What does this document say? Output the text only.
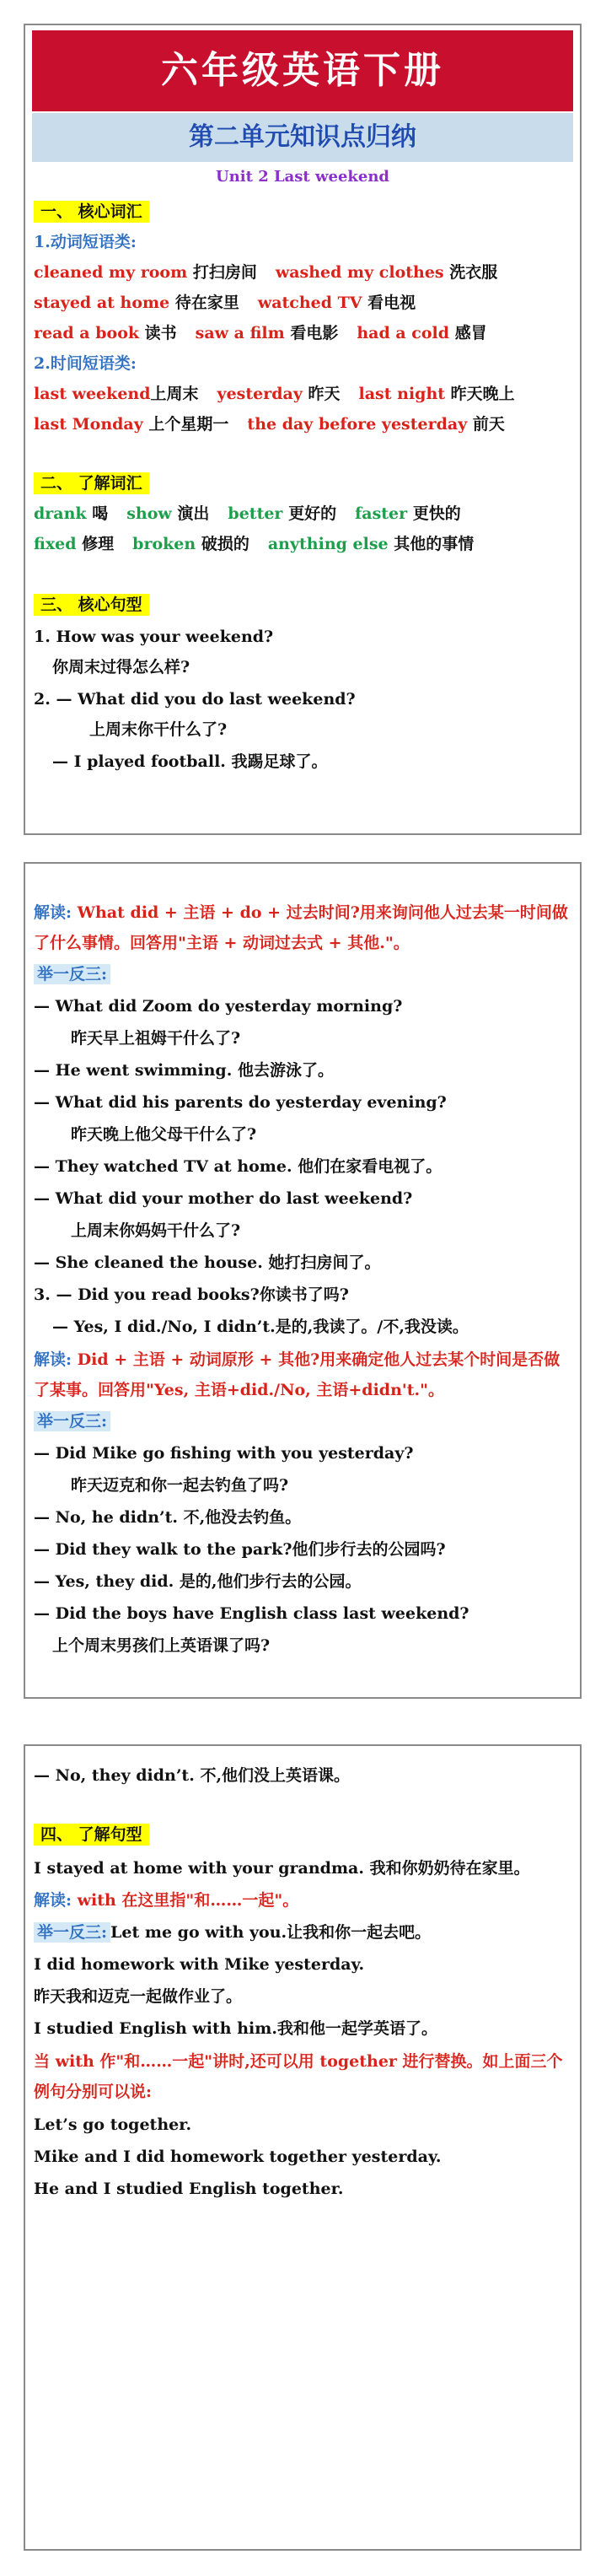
六年级英语下册
第二单元知识点归纳
Unit 2 Last weekend
一、 核心词汇
1.动词短语类:
cleaned my room 打扫房间 washed my clothes 洗衣服
stayed at home 待在家里 watched TV 看电视
read a book 读书 saw a film 看电影 had a cold 感冒
2.时间短语类:
last weekend上周末 yesterday 昨天 last night 昨天晚上
last Monday 上个星期一 the day before yesterday 前天
二、 了解词汇
drank 喝 show 演出 better 更好的 faster 更快的
fixed 修理 broken 破损的 anything else 其他的事情
三、 核心句型
1. How was your weekend?
你周末过得怎么样?
2. — What did you do last weekend?
上周末你干什么了?
— I played football. 我踢足球了。
解读: What did + 主语 + do + 过去时间?用来询问他人过去某一时间做了什么事情。回答用"主语 + 动词过去式 + 其他."。
举一反三:
— What did Zoom do yesterday morning?
昨天早上祖姆干什么了?
— He went swimming. 他去游泳了。
— What did his parents do yesterday evening?
昨天晚上他父母干什么了?
— They watched TV at home. 他们在家看电视了。
— What did your mother do last weekend?
上周末你妈妈干什么了?
— She cleaned the house. 她打扫房间了。
3. — Did you read books?你读书了吗?
— Yes, I did./No, I didn’t.是的,我读了。/不,我没读。
解读: Did + 主语 + 动词原形 + 其他?用来确定他人过去某个时间是否做了某事。回答用"Yes, 主语+did./No, 主语+didn't."。
举一反三:
— Did Mike go fishing with you yesterday?
昨天迈克和你一起去钓鱼了吗?
— No, he didn’t. 不,他没去钓鱼。
— Did they walk to the park?他们步行去的公园吗?
— Yes, they did. 是的,他们步行去的公园。
— Did the boys have English class last weekend?
上个周末男孩们上英语课了吗?
— No, they didn’t. 不,他们没上英语课。
四、 了解句型
I stayed at home with your grandma. 我和你奶奶待在家里。
解读: with 在这里指"和……一起"。
举一反三: Let me go with you.让我和你一起去吧。
I did homework with Mike yesterday.
昨天我和迈克一起做作业了。
I studied English with him.我和他一起学英语了。
当 with 作"和……一起"讲时,还可以用 together 进行替换。如上面三个例句分别可以说:
Let’s go together.
Mike and I did homework together yesterday.
He and I studied English together.
